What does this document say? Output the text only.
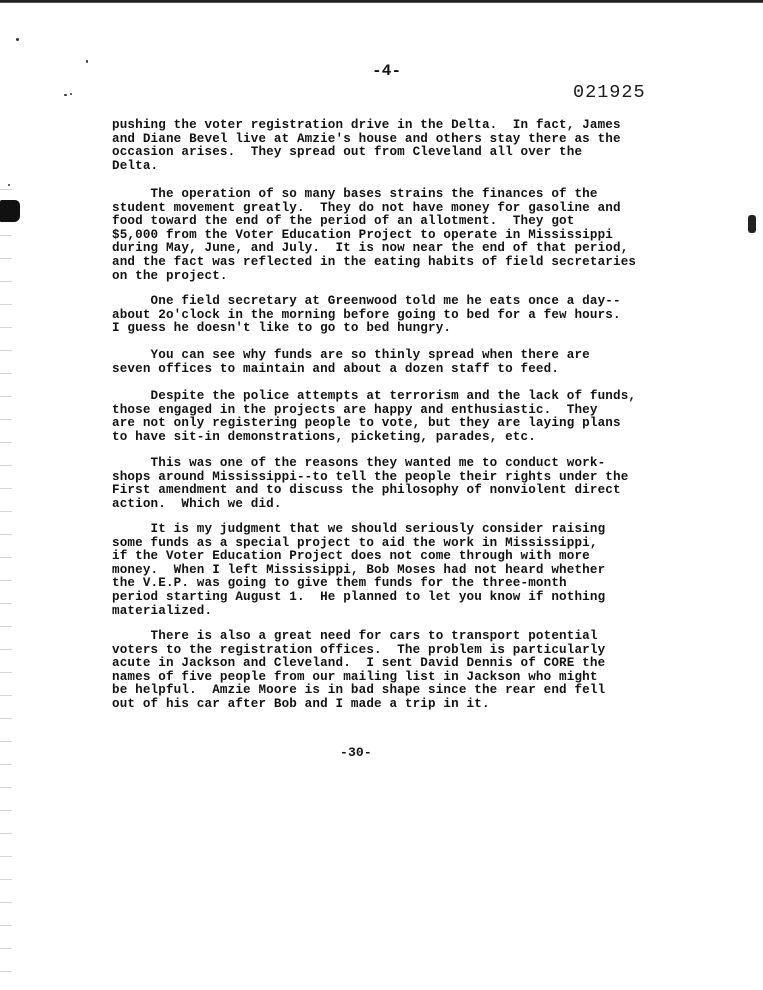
-4-
021925

pushing the voter registration drive in the Delta.  In fact, James
and Diane Bevel live at Amzie's house and others stay there as the
occasion arises.  They spread out from Cleveland all over the
Delta.

The operation of so many bases strains the finances of the
student movement greatly.  They do not have money for gasoline and
food toward the end of the period of an allotment.  They got
$5,000 from the Voter Education Project to operate in Mississippi
during May, June, and July.  It is now near the end of that period,
and the fact was reflected in the eating habits of field secretaries
on the project.

One field secretary at Greenwood told me he eats once a day--
about 2o'clock in the morning before going to bed for a few hours.
I guess he doesn't like to go to bed hungry.

You can see why funds are so thinly spread when there are
seven offices to maintain and about a dozen staff to feed.

Despite the police attempts at terrorism and the lack of funds,
those engaged in the projects are happy and enthusiastic.  They
are not only registering people to vote, but they are laying plans
to have sit-in demonstrations, picketing, parades, etc.

This was one of the reasons they wanted me to conduct work-
shops around Mississippi--to tell the people their rights under the
First amendment and to discuss the philosophy of nonviolent direct
action.  Which we did.

It is my judgment that we should seriously consider raising
some funds as a special project to aid the work in Mississippi,
if the Voter Education Project does not come through with more
money.  When I left Mississippi, Bob Moses had not heard whether
the V.E.P. was going to give them funds for the three-month
period starting August 1.  He planned to let you know if nothing
materialized.

There is also a great need for cars to transport potential
voters to the registration offices.  The problem is particularly
acute in Jackson and Cleveland.  I sent David Dennis of CORE the
names of five people from our mailing list in Jackson who might
be helpful.  Amzie Moore is in bad shape since the rear end fell
out of his car after Bob and I made a trip in it.

-30-
